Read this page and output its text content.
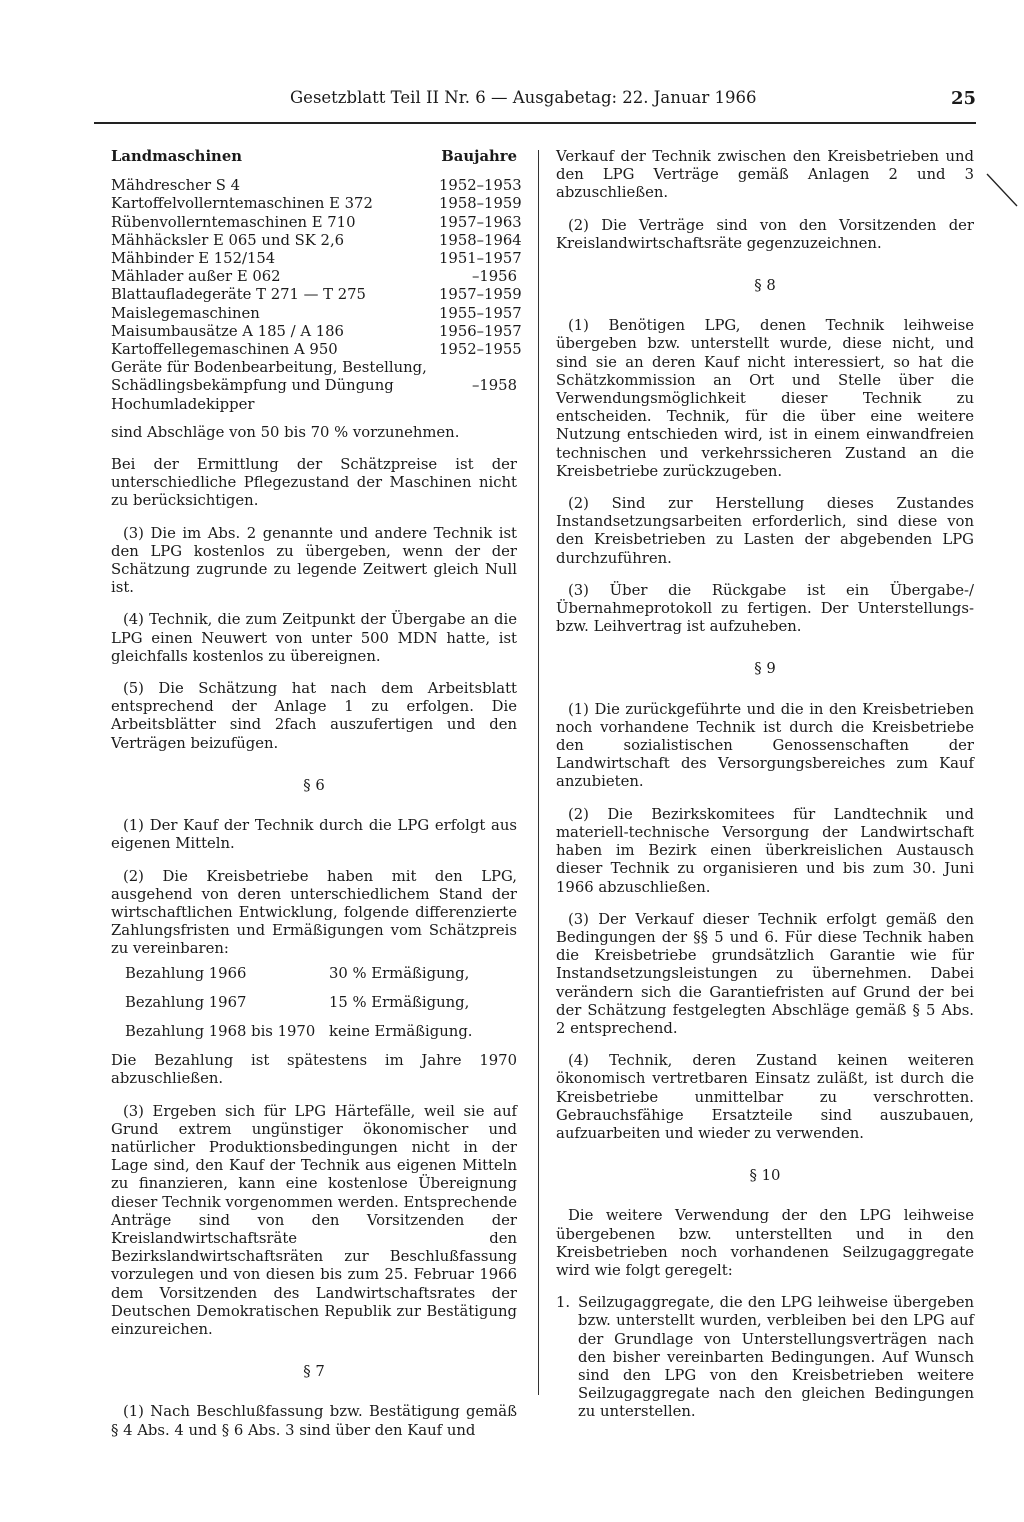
Gesetzblatt Teil II Nr. 6 — Ausgabetag: 22. Januar 1966	25
Landmaschinen	Baujahre
Mähdrescher S 4	1952–1953
Kartoffelvollerntemaschinen E 372	1958–1959
Rübenvollerntemaschinen E 710	1957–1963
Mähhäcksler E 065 und SK 2,6	1958–1964
Mähbinder E 152/154	1951–1957
Mählader außer E 062	–1956
Blattaufladegeräte T 271 — T 275	1957–1959
Maislegemaschinen	1955–1957
Maisumbausätze A 185 / A 186	1956–1957
Kartoffellegemaschinen A 950	1952–1955
Geräte für Bodenbearbeitung, Bestellung,
Schädlingsbekämpfung und Düngung	–1958
Hochumladekipper

sind Abschläge von 50 bis 70 % vorzunehmen.

Bei der Ermittlung der Schätzpreise ist der unterschiedliche Pflegezustand der Maschinen nicht zu berücksichtigen.

(3) Die im Abs. 2 genannte und andere Technik ist den LPG kostenlos zu übergeben, wenn der der Schätzung zugrunde zu legende Zeitwert gleich Null ist.

(4) Technik, die zum Zeitpunkt der Übergabe an die LPG einen Neuwert von unter 500 MDN hatte, ist gleichfalls kostenlos zu übereignen.

(5) Die Schätzung hat nach dem Arbeitsblatt entsprechend der Anlage 1 zu erfolgen. Die Arbeitsblätter sind 2fach auszufertigen und den Verträgen beizufügen.

§ 6

(1) Der Kauf der Technik durch die LPG erfolgt aus eigenen Mitteln.

(2) Die Kreisbetriebe haben mit den LPG, ausgehend von deren unterschiedlichem Stand der wirtschaftlichen Entwicklung, folgende differenzierte Zahlungsfristen und Ermäßigungen vom Schätzpreis zu vereinbaren:

Bezahlung 1966	30 % Ermäßigung,
Bezahlung 1967	15 % Ermäßigung,
Bezahlung 1968 bis 1970 keine Ermäßigung.

Die Bezahlung ist spätestens im Jahre 1970 abzuschließen.

(3) Ergeben sich für LPG Härtefälle, weil sie auf Grund extrem ungünstiger ökonomischer und natürlicher Produktionsbedingungen nicht in der Lage sind, den Kauf der Technik aus eigenen Mitteln zu finanzieren, kann eine kostenlose Übereignung dieser Technik vorgenommen werden. Entsprechende Anträge sind von den Vorsitzenden der Kreislandwirtschaftsräte den Bezirkslandwirtschaftsräten zur Beschlußfassung vorzulegen und von diesen bis zum 25. Februar 1966 dem Vorsitzenden des Landwirtschaftsrates der Deutschen Demokratischen Republik zur Bestätigung einzureichen.

§ 7

(1) Nach Beschlußfassung bzw. Bestätigung gemäß § 4 Abs. 4 und § 6 Abs. 3 sind über den Kauf und

Verkauf der Technik zwischen den Kreisbetrieben und den LPG Verträge gemäß Anlagen 2 und 3 abzuschließen.

(2) Die Verträge sind von den Vorsitzenden der Kreislandwirtschaftsräte gegenzuzeichnen.

§ 8

(1) Benötigen LPG, denen Technik leihweise übergeben bzw. unterstellt wurde, diese nicht, und sind sie an deren Kauf nicht interessiert, so hat die Schätzkommission an Ort und Stelle über die Verwendungsmöglichkeit dieser Technik zu entscheiden. Technik, für die über eine weitere Nutzung entschieden wird, ist in einem einwandfreien technischen und verkehrssicheren Zustand an die Kreisbetriebe zurückzugeben.

(2) Sind zur Herstellung dieses Zustandes Instandsetzungsarbeiten erforderlich, sind diese von den Kreisbetrieben zu Lasten der abgebenden LPG durchzuführen.

(3) Über die Rückgabe ist ein Übergabe-/Übernahmeprotokoll zu fertigen. Der Unterstellungs- bzw. Leihvertrag ist aufzuheben.

§ 9

(1) Die zurückgeführte und die in den Kreisbetrieben noch vorhandene Technik ist durch die Kreisbetriebe den sozialistischen Genossenschaften der Landwirtschaft des Versorgungsbereiches zum Kauf anzubieten.

(2) Die Bezirkskomitees für Landtechnik und materiell-technische Versorgung der Landwirtschaft haben im Bezirk einen überkreislichen Austausch dieser Technik zu organisieren und bis zum 30. Juni 1966 abzuschließen.

(3) Der Verkauf dieser Technik erfolgt gemäß den Bedingungen der §§ 5 und 6. Für diese Technik haben die Kreisbetriebe grundsätzlich Garantie wie für Instandsetzungsleistungen zu übernehmen. Dabei verändern sich die Garantiefristen auf Grund der bei der Schätzung festgelegten Abschläge gemäß § 5 Abs. 2 entsprechend.

(4) Technik, deren Zustand keinen weiteren ökonomisch vertretbaren Einsatz zuläßt, ist durch die Kreisbetriebe unmittelbar zu verschrotten. Gebrauchsfähige Ersatzteile sind auszubauen, aufzuarbeiten und wieder zu verwenden.

§ 10

Die weitere Verwendung der den LPG leihweise übergebenen bzw. unterstellten und in den Kreisbetrieben noch vorhandenen Seilzugaggregate wird wie folgt geregelt:

1. Seilzugaggregate, die den LPG leihweise übergeben bzw. unterstellt wurden, verbleiben bei den LPG auf der Grundlage von Unterstellungsverträgen nach den bisher vereinbarten Bedingungen. Auf Wunsch sind den LPG von den Kreisbetrieben weitere Seilzugaggregate nach den gleichen Bedingungen zu unterstellen.
